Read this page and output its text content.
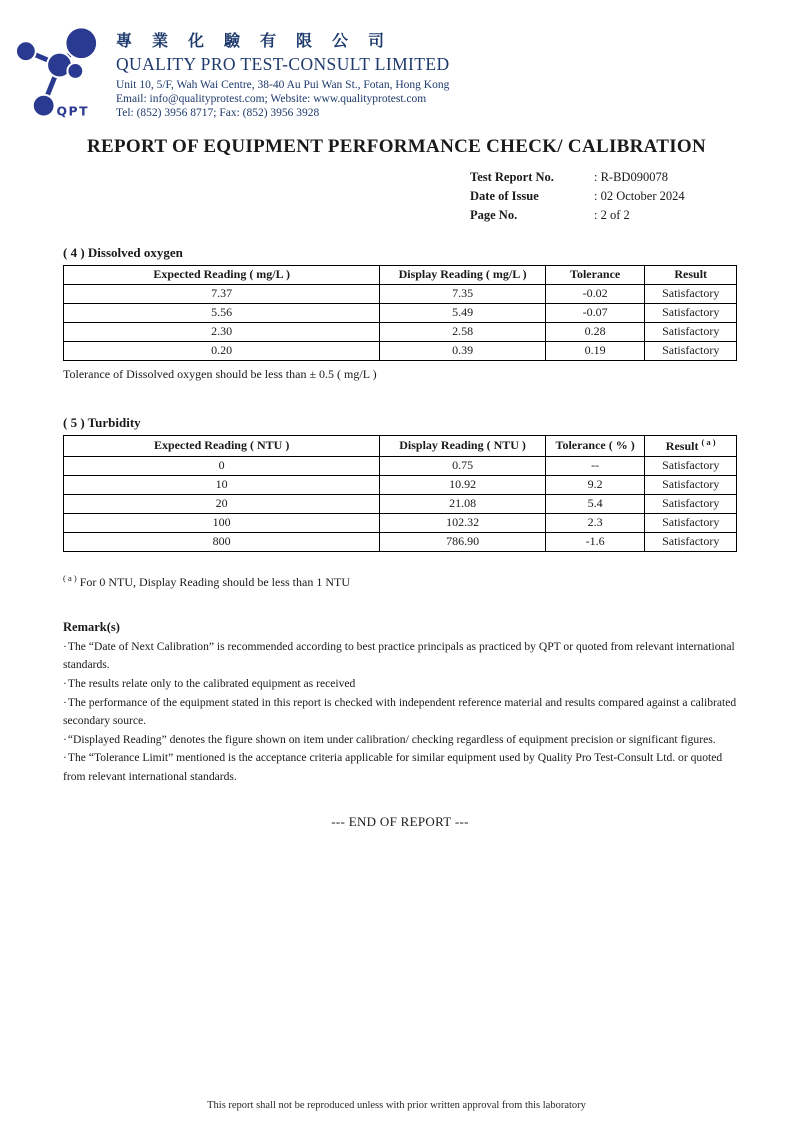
QPT
專 業 化 驗 有 限 公 司
QUALITY PRO TEST-CONSULT LIMITED
Unit 10, 5/F, Wah Wai Centre, 38-40 Au Pui Wan St., Fotan, Hong Kong
Email: info@qualityprotest.com; Website: www.qualityprotest.com
Tel: (852) 3956 8717; Fax: (852) 3956 3928
REPORT OF EQUIPMENT PERFORMANCE CHECK/ CALIBRATION
Test Report No.	: R-BD090078
Date of Issue	: 02 October 2024
Page No.	: 2 of 2
( 4 ) Dissolved oxygen
Expected Reading ( mg/L )	Display Reading ( mg/L )	Tolerance	Result
7.37	7.35	-0.02	Satisfactory
5.56	5.49	-0.07	Satisfactory
2.30	2.58	0.28	Satisfactory
0.20	0.39	0.19	Satisfactory
Tolerance of Dissolved oxygen should be less than ± 0.5 ( mg/L )
( 5 ) Turbidity
Expected Reading ( NTU )	Display Reading ( NTU )	Tolerance ( % )	Result $^{( a )}$
0	0.75	--	Satisfactory
10	10.92	9.2	Satisfactory
20	21.08	5.4	Satisfactory
100	102.32	2.3	Satisfactory
800	786.90	-1.6	Satisfactory
$^{( a )}$ For 0 NTU, Display Reading should be less than 1 NTU
Remark(s)
·The “Date of Next Calibration” is recommended according to best practice principals as practiced by QPT or quoted from relevant international standards.
·The results relate only to the calibrated equipment as received
·The performance of the equipment stated in this report is checked with independent reference material and results compared against a calibrated secondary source.
·“Displayed Reading” denotes the figure shown on item under calibration/ checking regardless of equipment precision or significant figures.
·The “Tolerance Limit” mentioned is the acceptance criteria applicable for similar equipment used by Quality Pro Test-Consult Ltd. or quoted from relevant international standards.
--- END OF REPORT ---
This report shall not be reproduced unless with prior written approval from this laboratory
